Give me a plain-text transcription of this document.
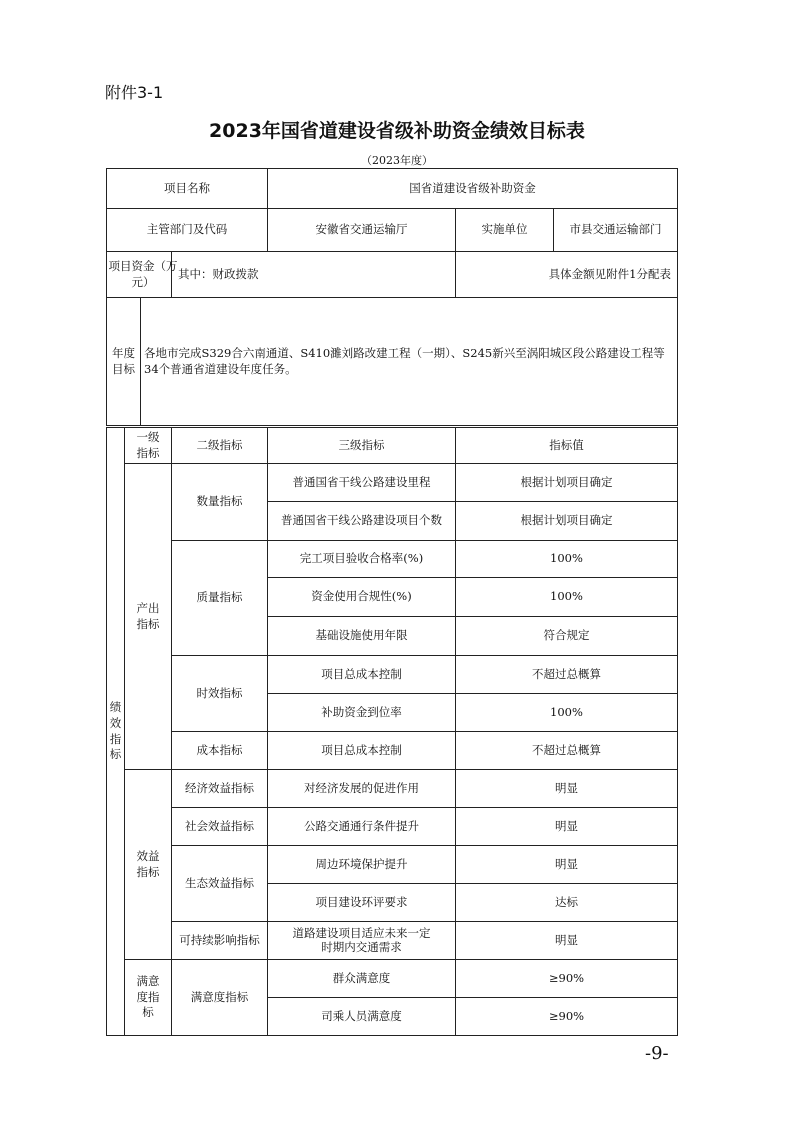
附件3-1
2023年国省道建设省级补助资金绩效目标表
（2023年度）
项目名称				国省道建设省级补助资金		
主管部门及代码				安徽省交通运输厅	实施单位	市县交通运输部门

项目资金（万元）			其中：财政拨款		具体金额见附件1分配表	

年度目标		各地市完成S329合六南通道、S410濉刘路改建工程（一期）、S245新兴至涡阳城区段公路建设工程等34个普通省道建设年度任务。				

绩效指标	一级指标		二级指标	三级指标	指标值	

	产出指标		数量指标	普通国省干线公路建设里程	根据计划项目确定	
				普通国省干线公路建设项目个数	根据计划项目确定	
			质量指标	完工项目验收合格率(%)	100%	
				资金使用合规性(%)	100%	
				基础设施使用年限	符合规定	
			时效指标	项目总成本控制	不超过总概算	
				补助资金到位率	100%	
			成本指标	项目总成本控制	不超过总概算	

	效益指标		经济效益指标	对经济发展的促进作用	明显	
			社会效益指标	公路交通通行条件提升	明显	
			生态效益指标	周边环境保护提升	明显	
				项目建设环评要求	达标	
			可持续影响指标	道路建设项目适应未来一定时期内交通需求	明显	

	满意度指标		满意度指标	群众满意度	≥90%	
				司乘人员满意度	≥90%	
-9-
